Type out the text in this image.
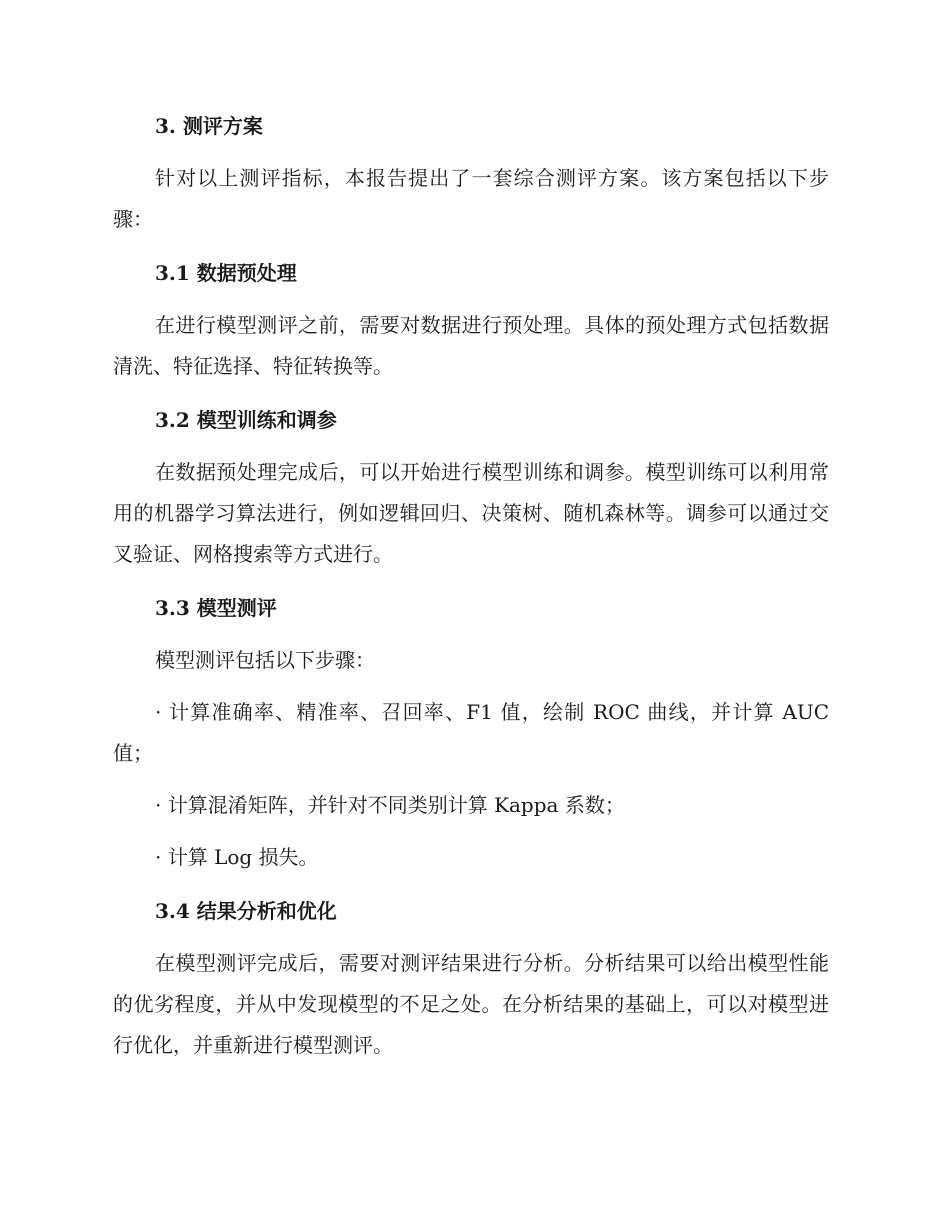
3. 测评方案

针对以上测评指标，本报告提出了一套综合测评方案。该方案包括以下步骤：

3.1 数据预处理

在进行模型测评之前，需要对数据进行预处理。具体的预处理方式包括数据清洗、特征选择、特征转换等。

3.2 模型训练和调参

在数据预处理完成后，可以开始进行模型训练和调参。模型训练可以利用常用的机器学习算法进行，例如逻辑回归、决策树、随机森林等。调参可以通过交叉验证、网格搜索等方式进行。

3.3 模型测评

模型测评包括以下步骤：

· 计算准确率、精准率、召回率、F1 值，绘制 ROC 曲线，并计算 AUC 值；

· 计算混淆矩阵，并针对不同类别计算 Kappa 系数；

· 计算 Log 损失。

3.4 结果分析和优化

在模型测评完成后，需要对测评结果进行分析。分析结果可以给出模型性能的优劣程度，并从中发现模型的不足之处。在分析结果的基础上，可以对模型进行优化，并重新进行模型测评。
